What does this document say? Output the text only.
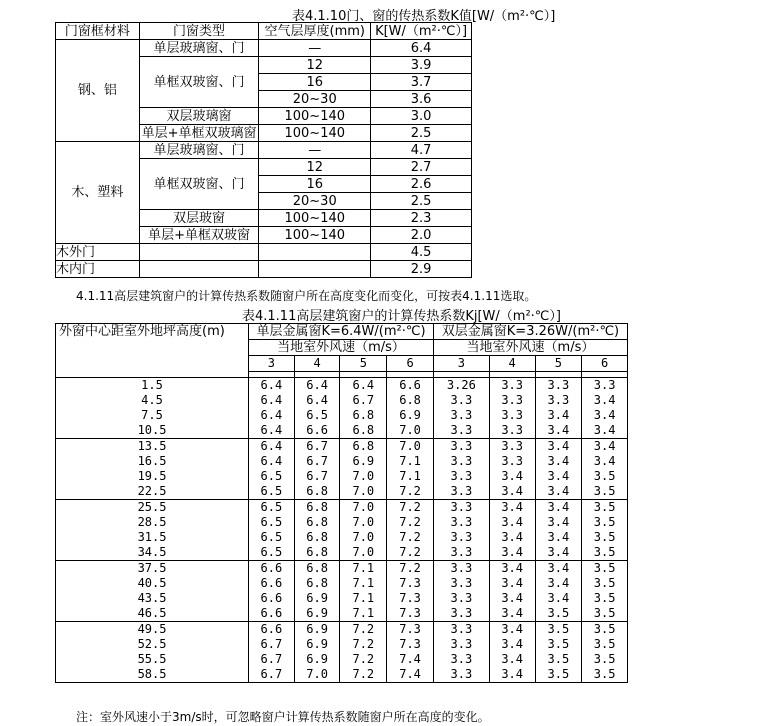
表4.1.10门、窗的传热系数K值[W/（m²·℃）]
门窗框材料	门窗类型	空气层厚度(mm)	K[W/（m²·℃）]
钢、铝	单层玻璃窗、门	—	6.4
	单框双玻窗、门	12	3.9
		16	3.7
		20~30	3.6
	双层玻璃窗	100~140	3.0
	单层+单框双玻璃窗	100~140	2.5
木、塑料	单层玻璃窗、门	—	4.7
	单框双玻窗、门	12	2.7
		16	2.6
		20~30	2.5
	双层玻窗	100~140	2.3
	单层+单框双玻窗	100~140	2.0
木外门			4.5
木内门			2.9
4.1.11高层建筑窗户的计算传热系数随窗户所在高度变化而变化，可按表4.1.11选取。
表4.1.11高层建筑窗户的计算传热系数Kj[W/（m²·℃）]
外窗中心距室外地坪高度(m)	单层金属窗K=6.4W/(m²·℃)				双层金属窗K=3.26W/(m²·℃)			
	当地室外风速（m/s）				当地室外风速（m/s）			
	3	4	5	6	3	4	5	6

1.5	6.4	6.4	6.4	6.6	3.26	3.3	3.3	3.3
4.5	6.4	6.4	6.7	6.8	3.3	3.3	3.3	3.4
7.5	6.4	6.5	6.8	6.9	3.3	3.3	3.4	3.4
10.5	6.4	6.6	6.8	7.0	3.3	3.3	3.4	3.4
13.5	6.4	6.7	6.8	7.0	3.3	3.3	3.4	3.4
16.5	6.4	6.7	6.9	7.1	3.3	3.3	3.4	3.4
19.5	6.5	6.7	7.0	7.1	3.3	3.4	3.4	3.5
22.5	6.5	6.8	7.0	7.2	3.3	3.4	3.4	3.5
25.5	6.5	6.8	7.0	7.2	3.3	3.4	3.4	3.5
28.5	6.5	6.8	7.0	7.2	3.3	3.4	3.4	3.5
31.5	6.5	6.8	7.0	7.2	3.3	3.4	3.4	3.5
34.5	6.5	6.8	7.0	7.2	3.3	3.4	3.4	3.5
37.5	6.6	6.8	7.1	7.2	3.3	3.4	3.4	3.5
40.5	6.6	6.8	7.1	7.3	3.3	3.4	3.4	3.5
43.5	6.6	6.9	7.1	7.3	3.3	3.4	3.4	3.5
46.5	6.6	6.9	7.1	7.3	3.3	3.4	3.5	3.5
49.5	6.6	6.9	7.2	7.3	3.3	3.4	3.5	3.5
52.5	6.7	6.9	7.2	7.3	3.3	3.4	3.5	3.5
55.5	6.7	6.9	7.2	7.4	3.3	3.4	3.5	3.5
58.5	6.7	7.0	7.2	7.4	3.3	3.4	3.5	3.5
注：室外风速小于3m/s时，可忽略窗户计算传热系数随窗户所在高度的变化。
